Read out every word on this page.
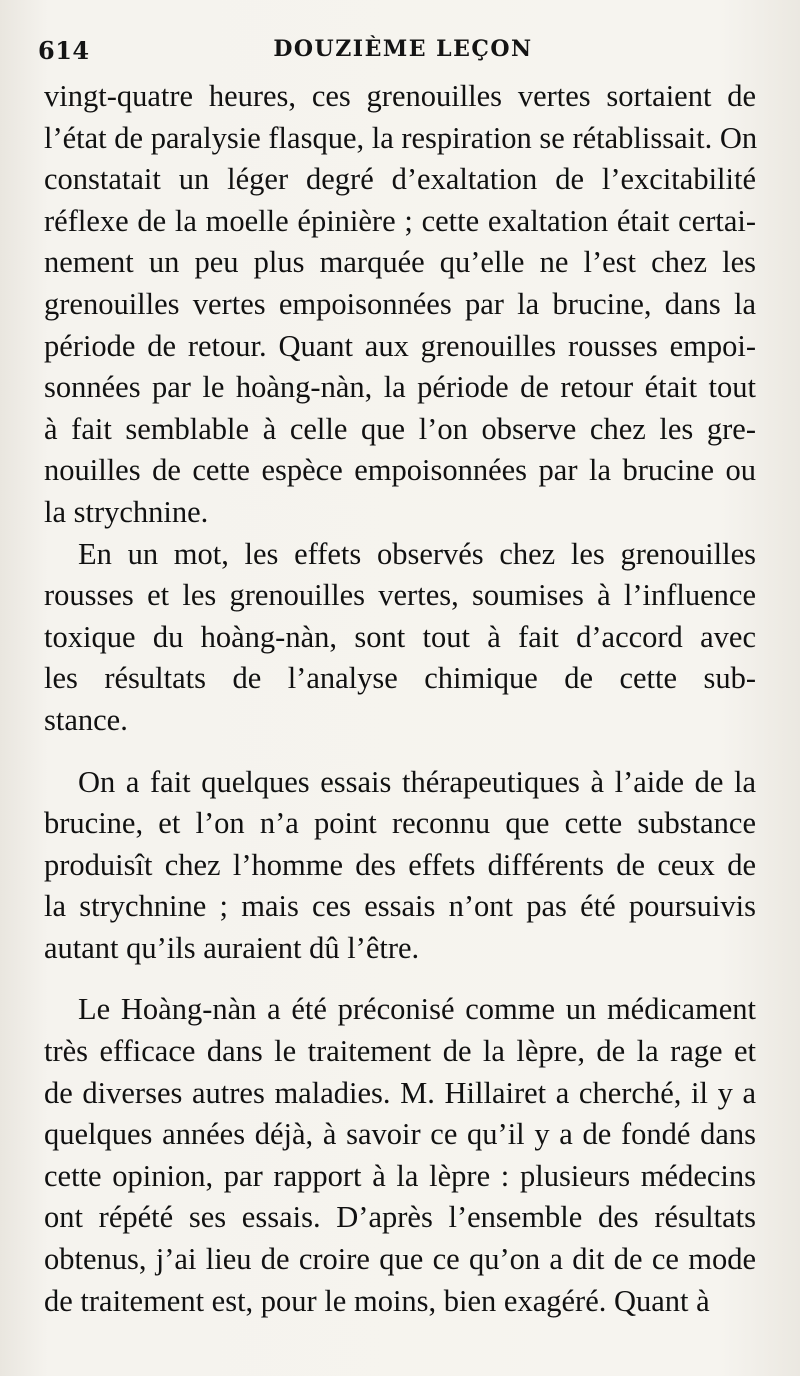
614	DOUZIÈME LEÇON
vingt-quatre heures, ces grenouilles vertes sortaient de
l’état de paralysie flasque, la respiration se rétablissait. On
constatait un léger degré d’exaltation de l’excitabilité
réflexe de la moelle épinière ; cette exaltation était certai-
nement un peu plus marquée qu’elle ne l’est chez les
grenouilles vertes empoisonnées par la brucine, dans la
période de retour. Quant aux grenouilles rousses empoi-
sonnées par le hoàng-nàn, la période de retour était tout
à fait semblable à celle que l’on observe chez les gre-
nouilles de cette espèce empoisonnées par la brucine ou
la strychnine.
En un mot, les effets observés chez les grenouilles
rousses et les grenouilles vertes, soumises à l’influence
toxique du hoàng-nàn, sont tout à fait d’accord avec
les résultats de l’analyse chimique de cette sub-
stance.
On a fait quelques essais thérapeutiques à l’aide de la
brucine, et l’on n’a point reconnu que cette substance
produisît chez l’homme des effets différents de ceux de
la strychnine ; mais ces essais n’ont pas été poursuivis
autant qu’ils auraient dû l’être.
Le Hoàng-nàn a été préconisé comme un médicament
très efficace dans le traitement de la lèpre, de la rage et
de diverses autres maladies. M. Hillairet a cherché, il y a
quelques années déjà, à savoir ce qu’il y a de fondé dans
cette opinion, par rapport à la lèpre : plusieurs médecins
ont répété ses essais. D’après l’ensemble des résultats
obtenus, j’ai lieu de croire que ce qu’on a dit de ce mode
de traitement est, pour le moins, bien exagéré. Quant à
